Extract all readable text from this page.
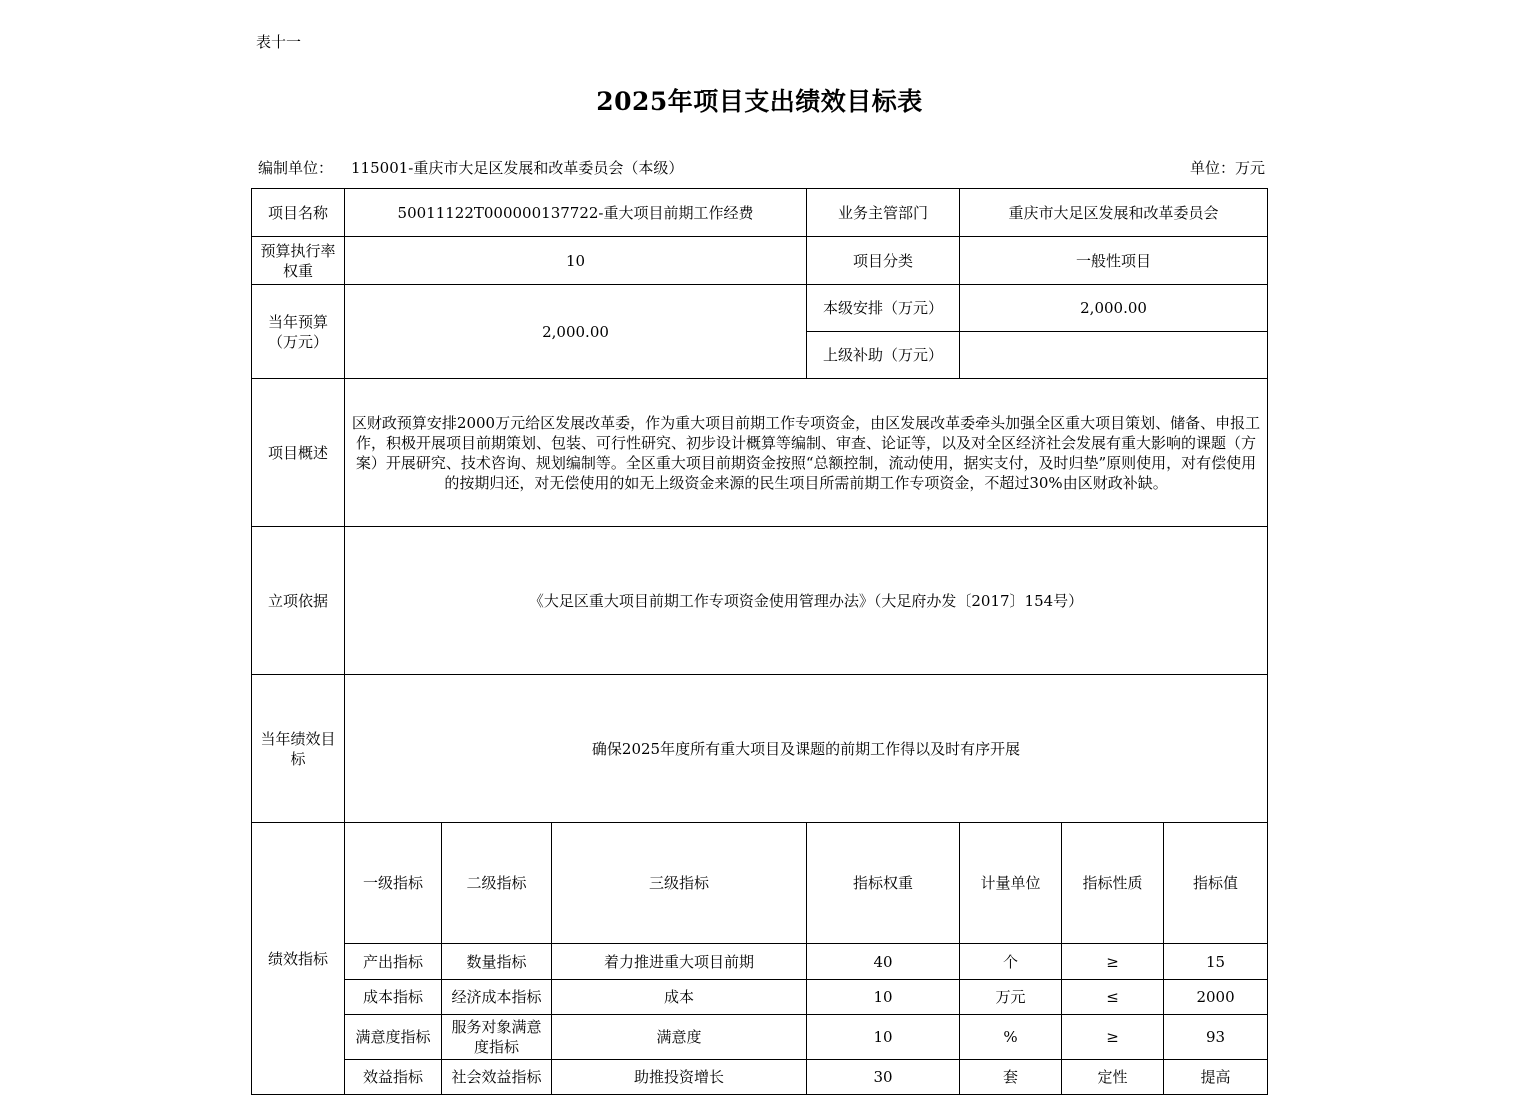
表十一
2025年项目支出绩效目标表
编制单位： 115001-重庆市大足区发展和改革委员会（本级）	单位：万元
项目名称	50011122T000000137722-重大项目前期工作经费			业务主管部门	重庆市大足区发展和改革委员会			
预算执行率权重	10			项目分类	一般性项目			
当年预算（万元）	2,000.00			本级安排（万元）	2,000.00			
				上级补助（万元）				
项目概述	区财政预算安排2000万元给区发展改革委，作为重大项目前期工作专项资金，由区发展改革委牵头加强全区重大项目策划、储备、申报工作，积极开展项目前期策划、包装、可行性研究、初步设计概算等编制、审查、论证等，以及对全区经济社会发展有重大影响的课题（方案）开展研究、技术咨询、规划编制等。全区重大项目前期资金按照“总额控制，流动使用，据实支付，及时归垫”原则使用，对有偿使用的按期归还，对无偿使用的如无上级资金来源的民生项目所需前期工作专项资金，不超过30%由区财政补缺。							
立项依据	《大足区重大项目前期工作专项资金使用管理办法》（大足府办发〔2017〕154号）							
当年绩效目标	确保2025年度所有重大项目及课题的前期工作得以及时有序开展							
绩效指标	一级指标	二级指标	三级指标	指标权重	计量单位	指标性质	指标值	
	产出指标	数量指标	着力推进重大项目前期	40	个	≥	15	
	成本指标	经济成本指标	成本	10	万元	≤	2000	
	满意度指标	服务对象满意度指标	满意度	10	%	≥	93	
	效益指标	社会效益指标	助推投资增长	30	套	定性	提高	
